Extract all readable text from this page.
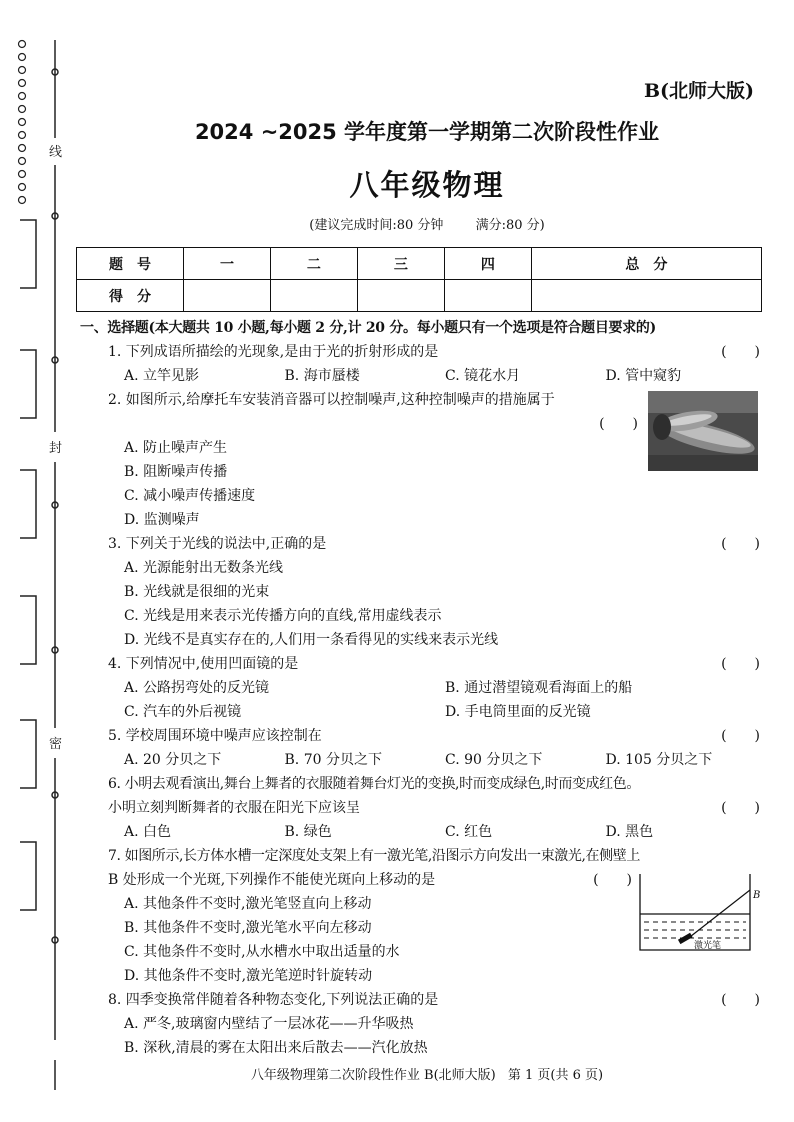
线
封
密
B(北师大版)
2024 ~2025 学年度第一学期第二次阶段性作业
八年级物理
(建议完成时间:80 分钟 满分:80 分)
题　号	一	二	三	四	总　分
得　分					
一、选择题(本大题共 10 小题,每小题 2 分,计 20 分。每小题只有一个选项是符合题目要求的)
1. 下列成语所描绘的光现象,是由于光的折射形成的是	(　　)
A. 立竿见影	B. 海市蜃楼	C. 镜花水月	D. 管中窥豹
2. 如图所示,给摩托车安装消音器可以控制噪声,这种控制噪声的措施属于
(　　)

A. 防止噪声产生
B. 阻断噪声传播
C. 减小噪声传播速度
D. 监测噪声
3. 下列关于光线的说法中,正确的是	(　　)
A. 光源能射出无数条光线
B. 光线就是很细的光束
C. 光线是用来表示光传播方向的直线,常用虚线表示
D. 光线不是真实存在的,人们用一条看得见的实线来表示光线
4. 下列情况中,使用凹面镜的是	(　　)
A. 公路拐弯处的反光镜	B. 通过潜望镜观看海面上的船
C. 汽车的外后视镜	D. 手电筒里面的反光镜
5. 学校周围环境中噪声应该控制在	(　　)
A. 20 分贝之下	B. 70 分贝之下	C. 90 分贝之下	D. 105 分贝之下
6. 小明去观看演出,舞台上舞者的衣服随着舞台灯光的变换,时而变成绿色,时而变成红色。
小明立刻判断舞者的衣服在阳光下应该呈	(　　)
A. 白色	B. 绿色	C. 红色	D. 黑色
7. 如图所示,长方体水槽一定深度处支架上有一激光笔,沿图示方向发出一束激光,在侧壁上
B 处形成一个光斑,下列操作不能使光斑向上移动的是	(　　)
A. 其他条件不变时,激光笔竖直向上移动
B. 其他条件不变时,激光笔水平向左移动
C. 其他条件不变时,从水槽水中取出适量的水
D. 其他条件不变时,激光笔逆时针旋转动
8. 四季变换常伴随着各种物态变化,下列说法正确的是	(　　)
A. 严冬,玻璃窗内壁结了一层冰花——升华吸热
B. 深秋,清晨的雾在太阳出来后散去——汽化放热
B
激光笔
八年级物理第二次阶段性作业 B(北师大版) 第 1 页(共 6 页)
